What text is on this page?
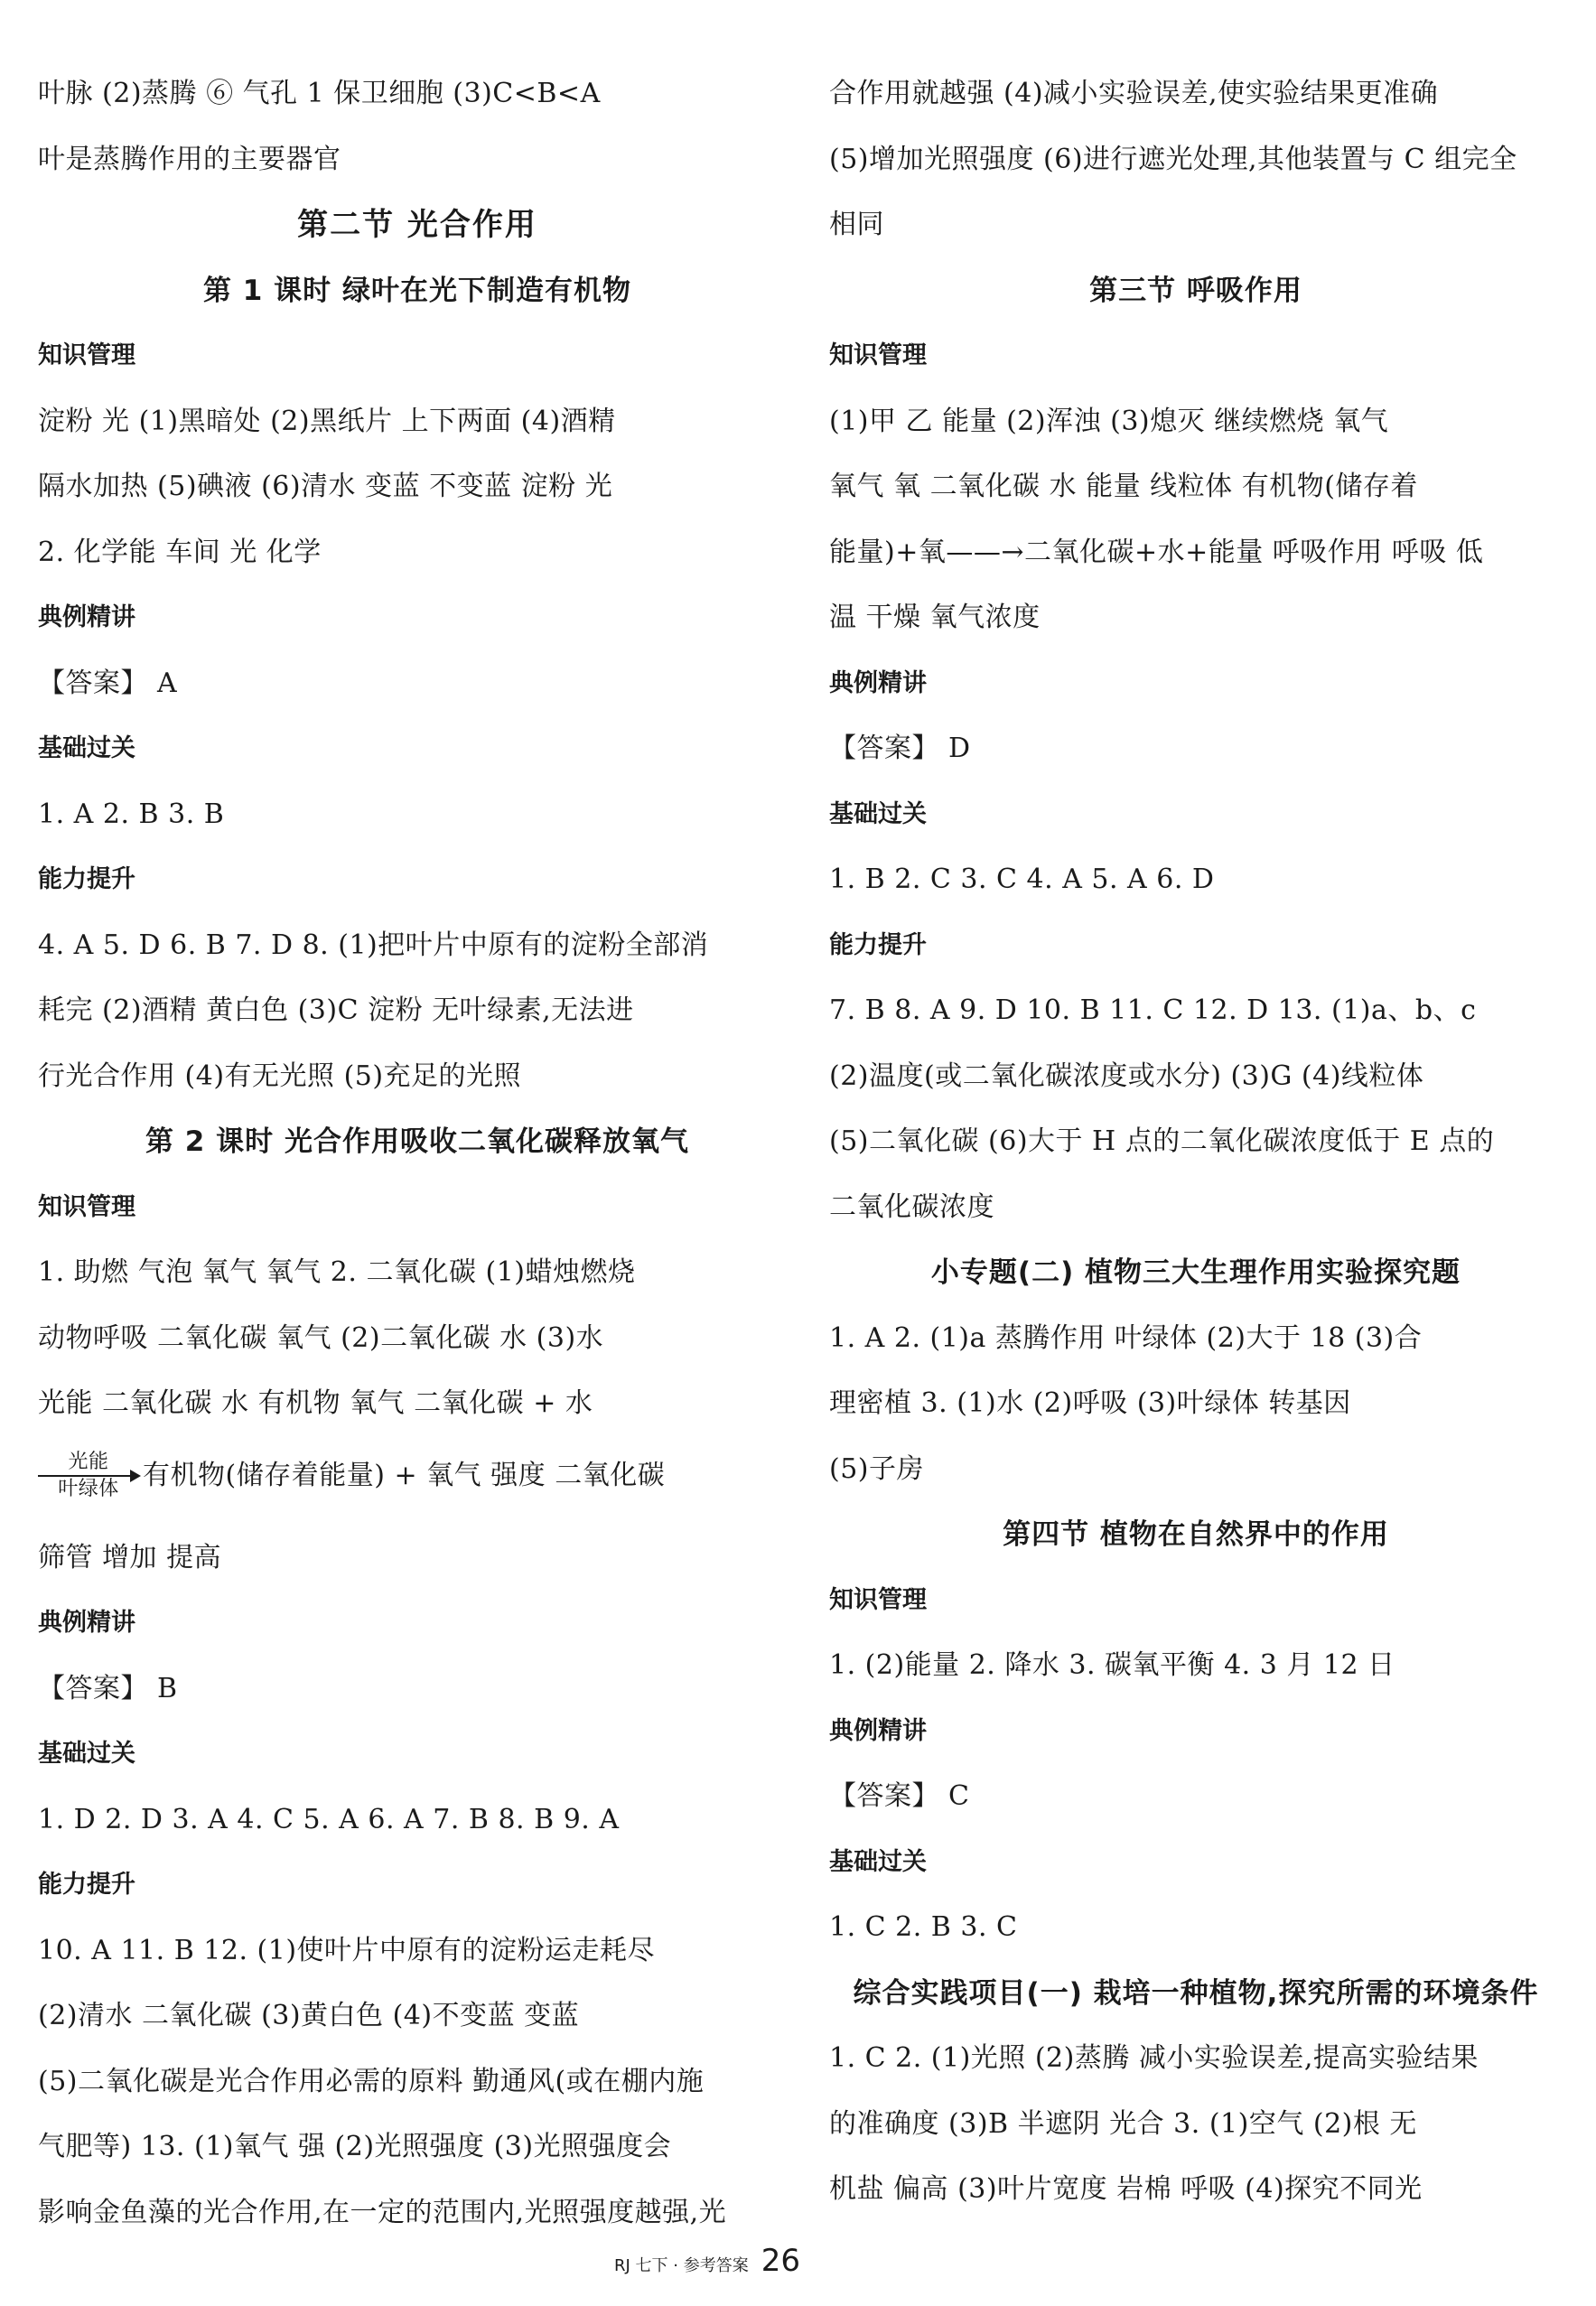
叶脉 (2)蒸腾 ⑥ 气孔 1 保卫细胞 (3)C<B<A
叶是蒸腾作用的主要器官
第二节 光合作用
第 1 课时 绿叶在光下制造有机物
知识管理
淀粉 光 (1)黑暗处 (2)黑纸片 上下两面 (4)酒精
隔水加热 (5)碘液 (6)清水 变蓝 不变蓝 淀粉 光
2. 化学能 车间 光 化学
典例精讲
【答案】 A
基础过关
1. A 2. B 3. B
能力提升
4. A 5. D 6. B 7. D 8. (1)把叶片中原有的淀粉全部消
耗完 (2)酒精 黄白色 (3)C 淀粉 无叶绿素,无法进
行光合作用 (4)有无光照 (5)充足的光照
第 2 课时 光合作用吸收二氧化碳释放氧气
知识管理
1. 助燃 气泡 氧气 氧气 2. 二氧化碳 (1)蜡烛燃烧
动物呼吸 二氧化碳 氧气 (2)二氧化碳 水 (3)水
光能 二氧化碳 水 有机物 氧气 二氧化碳 + 水
光能
叶绿体 有机物(储存着能量) + 氧气 强度 二氧化碳
筛管 增加 提高
典例精讲
【答案】 B
基础过关
1. D 2. D 3. A 4. C 5. A 6. A 7. B 8. B 9. A
能力提升
10. A 11. B 12. (1)使叶片中原有的淀粉运走耗尽
(2)清水 二氧化碳 (3)黄白色 (4)不变蓝 变蓝
(5)二氧化碳是光合作用必需的原料 勤通风(或在棚内施
气肥等) 13. (1)氧气 强 (2)光照强度 (3)光照强度会
影响金鱼藻的光合作用,在一定的范围内,光照强度越强,光
合作用就越强 (4)减小实验误差,使实验结果更准确
(5)增加光照强度 (6)进行遮光处理,其他装置与 C 组完全
相同
第三节 呼吸作用
知识管理
(1)甲 乙 能量 (2)浑浊 (3)熄灭 继续燃烧 氧气
氧气 氧 二氧化碳 水 能量 线粒体 有机物(储存着
能量)+氧——→二氧化碳+水+能量 呼吸作用 呼吸 低
温 干燥 氧气浓度
典例精讲
【答案】 D
基础过关
1. B 2. C 3. C 4. A 5. A 6. D
能力提升
7. B 8. A 9. D 10. B 11. C 12. D 13. (1)a、b、c
(2)温度(或二氧化碳浓度或水分) (3)G (4)线粒体
(5)二氧化碳 (6)大于 H 点的二氧化碳浓度低于 E 点的
二氧化碳浓度
小专题(二) 植物三大生理作用实验探究题
1. A 2. (1)a 蒸腾作用 叶绿体 (2)大于 18 (3)合
理密植 3. (1)水 (2)呼吸 (3)叶绿体 转基因
(5)子房
第四节 植物在自然界中的作用
知识管理
1. (2)能量 2. 降水 3. 碳氧平衡 4. 3 月 12 日
典例精讲
【答案】 C
基础过关
1. C 2. B 3. C
综合实践项目(一) 栽培一种植物,探究所需的环境条件
1. C 2. (1)光照 (2)蒸腾 减小实验误差,提高实验结果
的准确度 (3)B 半遮阴 光合 3. (1)空气 (2)根 无
机盐 偏高 (3)叶片宽度 岩棉 呼吸 (4)探究不同光
RJ 七下 · 参考答案 26
